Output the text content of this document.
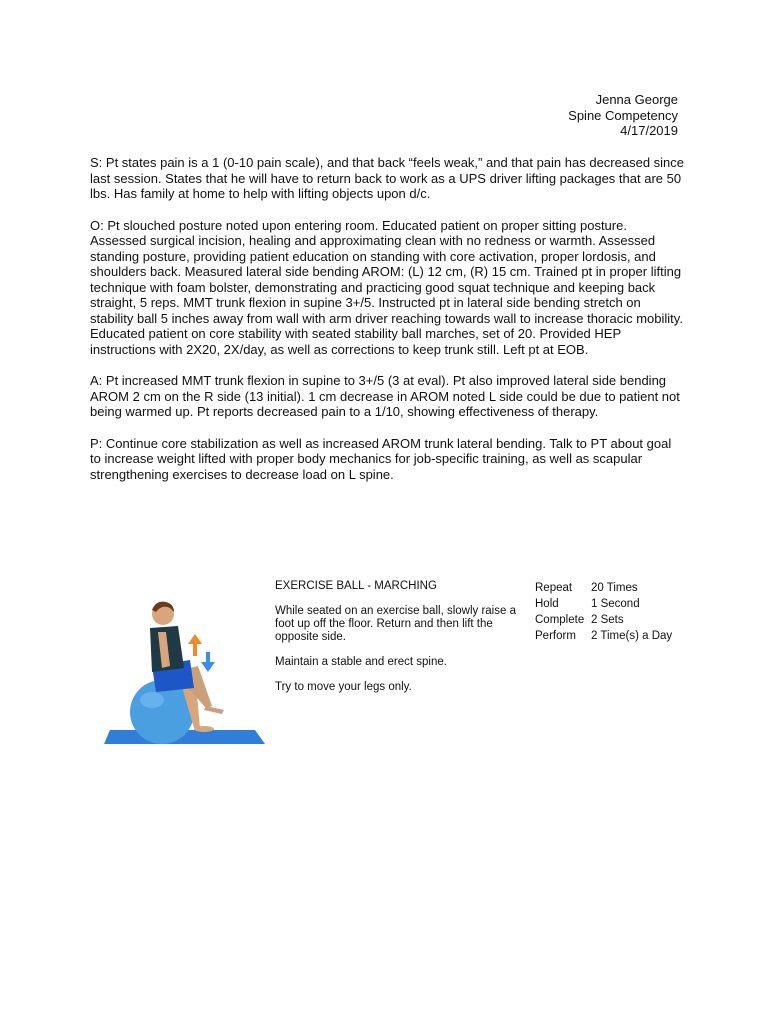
Jenna George
Spine Competency
4/17/2019

S: Pt states pain is a 1 (0-10 pain scale), and that back “feels weak,” and that pain has decreased since last session. States that he will have to return back to work as a UPS driver lifting packages that are 50 lbs. Has family at home to help with lifting objects upon d/c.

O: Pt slouched posture noted upon entering room. Educated patient on proper sitting posture. Assessed surgical incision, healing and approximating clean with no redness or warmth. Assessed standing posture, providing patient education on standing with core activation, proper lordosis, and shoulders back. Measured lateral side bending AROM: (L) 12 cm, (R) 15 cm. Trained pt in proper lifting technique with foam bolster, demonstrating and practicing good squat technique and keeping back straight, 5 reps. MMT trunk flexion in supine 3+/5. Instructed pt in lateral side bending stretch on stability ball 5 inches away from wall with arm driver reaching towards wall to increase thoracic mobility. Educated patient on core stability with seated stability ball marches, set of 20. Provided HEP instructions with 2X20, 2X/day, as well as corrections to keep trunk still. Left pt at EOB.

A: Pt increased MMT trunk flexion in supine to 3+/5 (3 at eval). Pt also improved lateral side bending AROM 2 cm on the R side (13 initial). 1 cm decrease in AROM noted L side could be due to patient not being warmed up. Pt reports decreased pain to a 1/10, showing effectiveness of therapy.

P: Continue core stabilization as well as increased AROM trunk lateral bending. Talk to PT about goal to increase weight lifted with proper body mechanics for job-specific training, as well as scapular strengthening exercises to decrease load on L spine.

EXERCISE BALL - MARCHING

While seated on an exercise ball, slowly raise a foot up off the floor. Return and then lift the opposite side.

Maintain a stable and erect spine.

Try to move your legs only.

Repeat	20 Times
Hold	1 Second
Complete	2 Sets
Perform	2 Time(s) a Day
